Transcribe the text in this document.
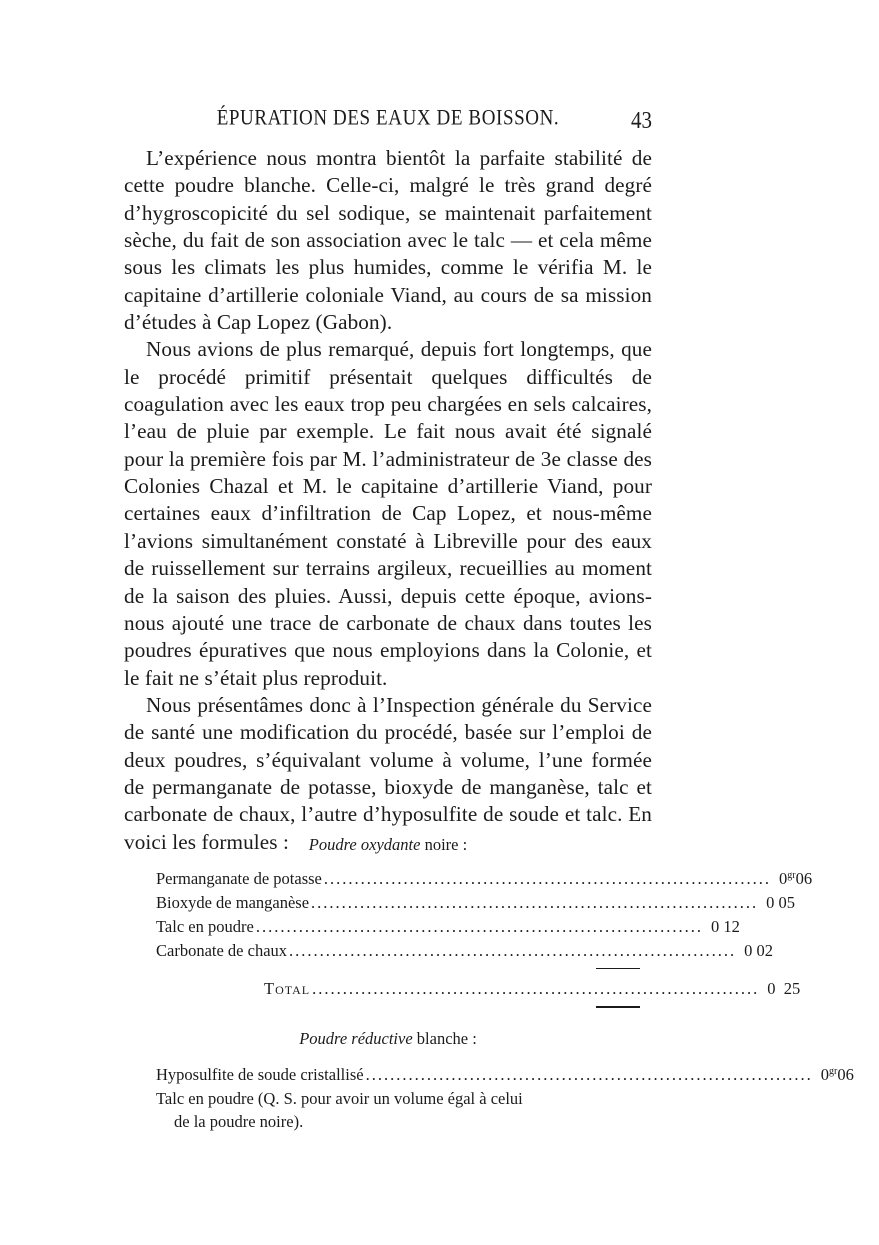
ÉPURATION DES EAUX DE BOISSON.	43

L’expérience nous montra bientôt la parfaite stabilité de cette poudre blanche. Celle-ci, malgré le très grand degré d’hygroscopicité du sel sodique, se maintenait parfaitement sèche, du fait de son association avec le talc — et cela même sous les climats les plus humides, comme le vérifia M. le capitaine d’artillerie coloniale Viand, au cours de sa mission d’études à Cap Lopez (Gabon).

Nous avions de plus remarqué, depuis fort longtemps, que le procédé primitif présentait quelques difficultés de coagulation avec les eaux trop peu chargées en sels calcaires, l’eau de pluie par exemple. Le fait nous avait été signalé pour la première fois par M. l’administrateur de 3e classe des Colonies Chazal et M. le capitaine d’artillerie Viand, pour certaines eaux d’infiltration de Cap Lopez, et nous-même l’avions simultanément constaté à Libreville pour des eaux de ruissellement sur terrains argileux, recueillies au moment de la saison des pluies. Aussi, depuis cette époque, avions-nous ajouté une trace de carbonate de chaux dans toutes les poudres épuratives que nous employions dans la Colonie, et le fait ne s’était plus reproduit.

Nous présentâmes donc à l’Inspection générale du Service de santé une modification du procédé, basée sur l’emploi de deux poudres, s’équivalant volume à volume, l’une formée de permanganate de potasse, bioxyde de manganèse, talc et carbonate de chaux, l’autre d’hyposulfite de soude et talc. En voici les formules :	Poudre oxydante noire :

Permanganate de potasse ......................................................................... $0^{gr}06$
Bioxyde de manganèse ......................................................................... 0 05
Talc en poudre ......................................................................... 0 12
Carbonate de chaux ......................................................................... 0 02
Total ......................................................................... 0  25

Poudre réductive blanche :

Hyposulfite de soude cristallisé ......................................................................... $0^{gr}06$

Talc en poudre (Q. S. pour avoir un volume égal à celui

de la poudre noire).
